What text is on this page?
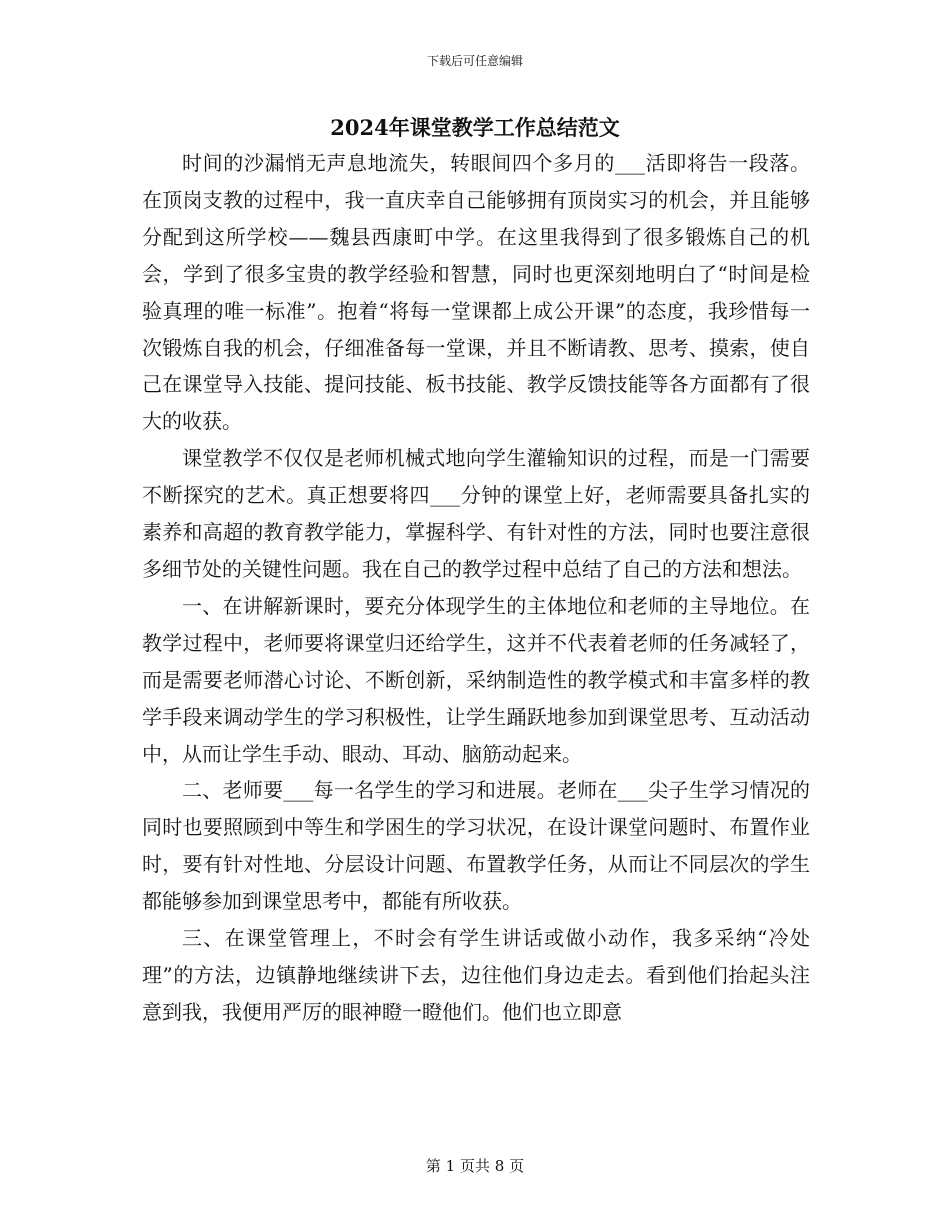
下载后可任意编辑
2024年课堂教学工作总结范文

时间的沙漏悄无声息地流失，转眼间四个多月的___活即将告一段落。在顶岗支教的过程中，我一直庆幸自己能够拥有顶岗实习的机会，并且能够分配到这所学校——魏县西康町中学。在这里我得到了很多锻炼自己的机会，学到了很多宝贵的教学经验和智慧，同时也更深刻地明白了“时间是检验真理的唯一标准”。抱着“将每一堂课都上成公开课”的态度，我珍惜每一次锻炼自我的机会，仔细准备每一堂课，并且不断请教、思考、摸索，使自己在课堂导入技能、提问技能、板书技能、教学反馈技能等各方面都有了很大的收获。

课堂教学不仅仅是老师机械式地向学生灌输知识的过程，而是一门需要不断探究的艺术。真正想要将四___分钟的课堂上好，老师需要具备扎实的素养和高超的教育教学能力，掌握科学、有针对性的方法，同时也要注意很多细节处的关键性问题。我在自己的教学过程中总结了自己的方法和想法。

一、在讲解新课时，要充分体现学生的主体地位和老师的主导地位。在教学过程中，老师要将课堂归还给学生，这并不代表着老师的任务减轻了，而是需要老师潜心讨论、不断创新，采纳制造性的教学模式和丰富多样的教学手段来调动学生的学习积极性，让学生踊跃地参加到课堂思考、互动活动中，从而让学生手动、眼动、耳动、脑筋动起来。

二、老师要___每一名学生的学习和进展。老师在___尖子生学习情况的同时也要照顾到中等生和学困生的学习状况，在设计课堂问题时、布置作业时，要有针对性地、分层设计问题、布置教学任务，从而让不同层次的学生都能够参加到课堂思考中，都能有所收获。

三、在课堂管理上，不时会有学生讲话或做小动作，我多采纳“冷处理”的方法，边镇静地继续讲下去，边往他们身边走去。看到他们抬起头注意到我，我便用严厉的眼神瞪一瞪他们。他们也立即意

第 1 页共 8 页
